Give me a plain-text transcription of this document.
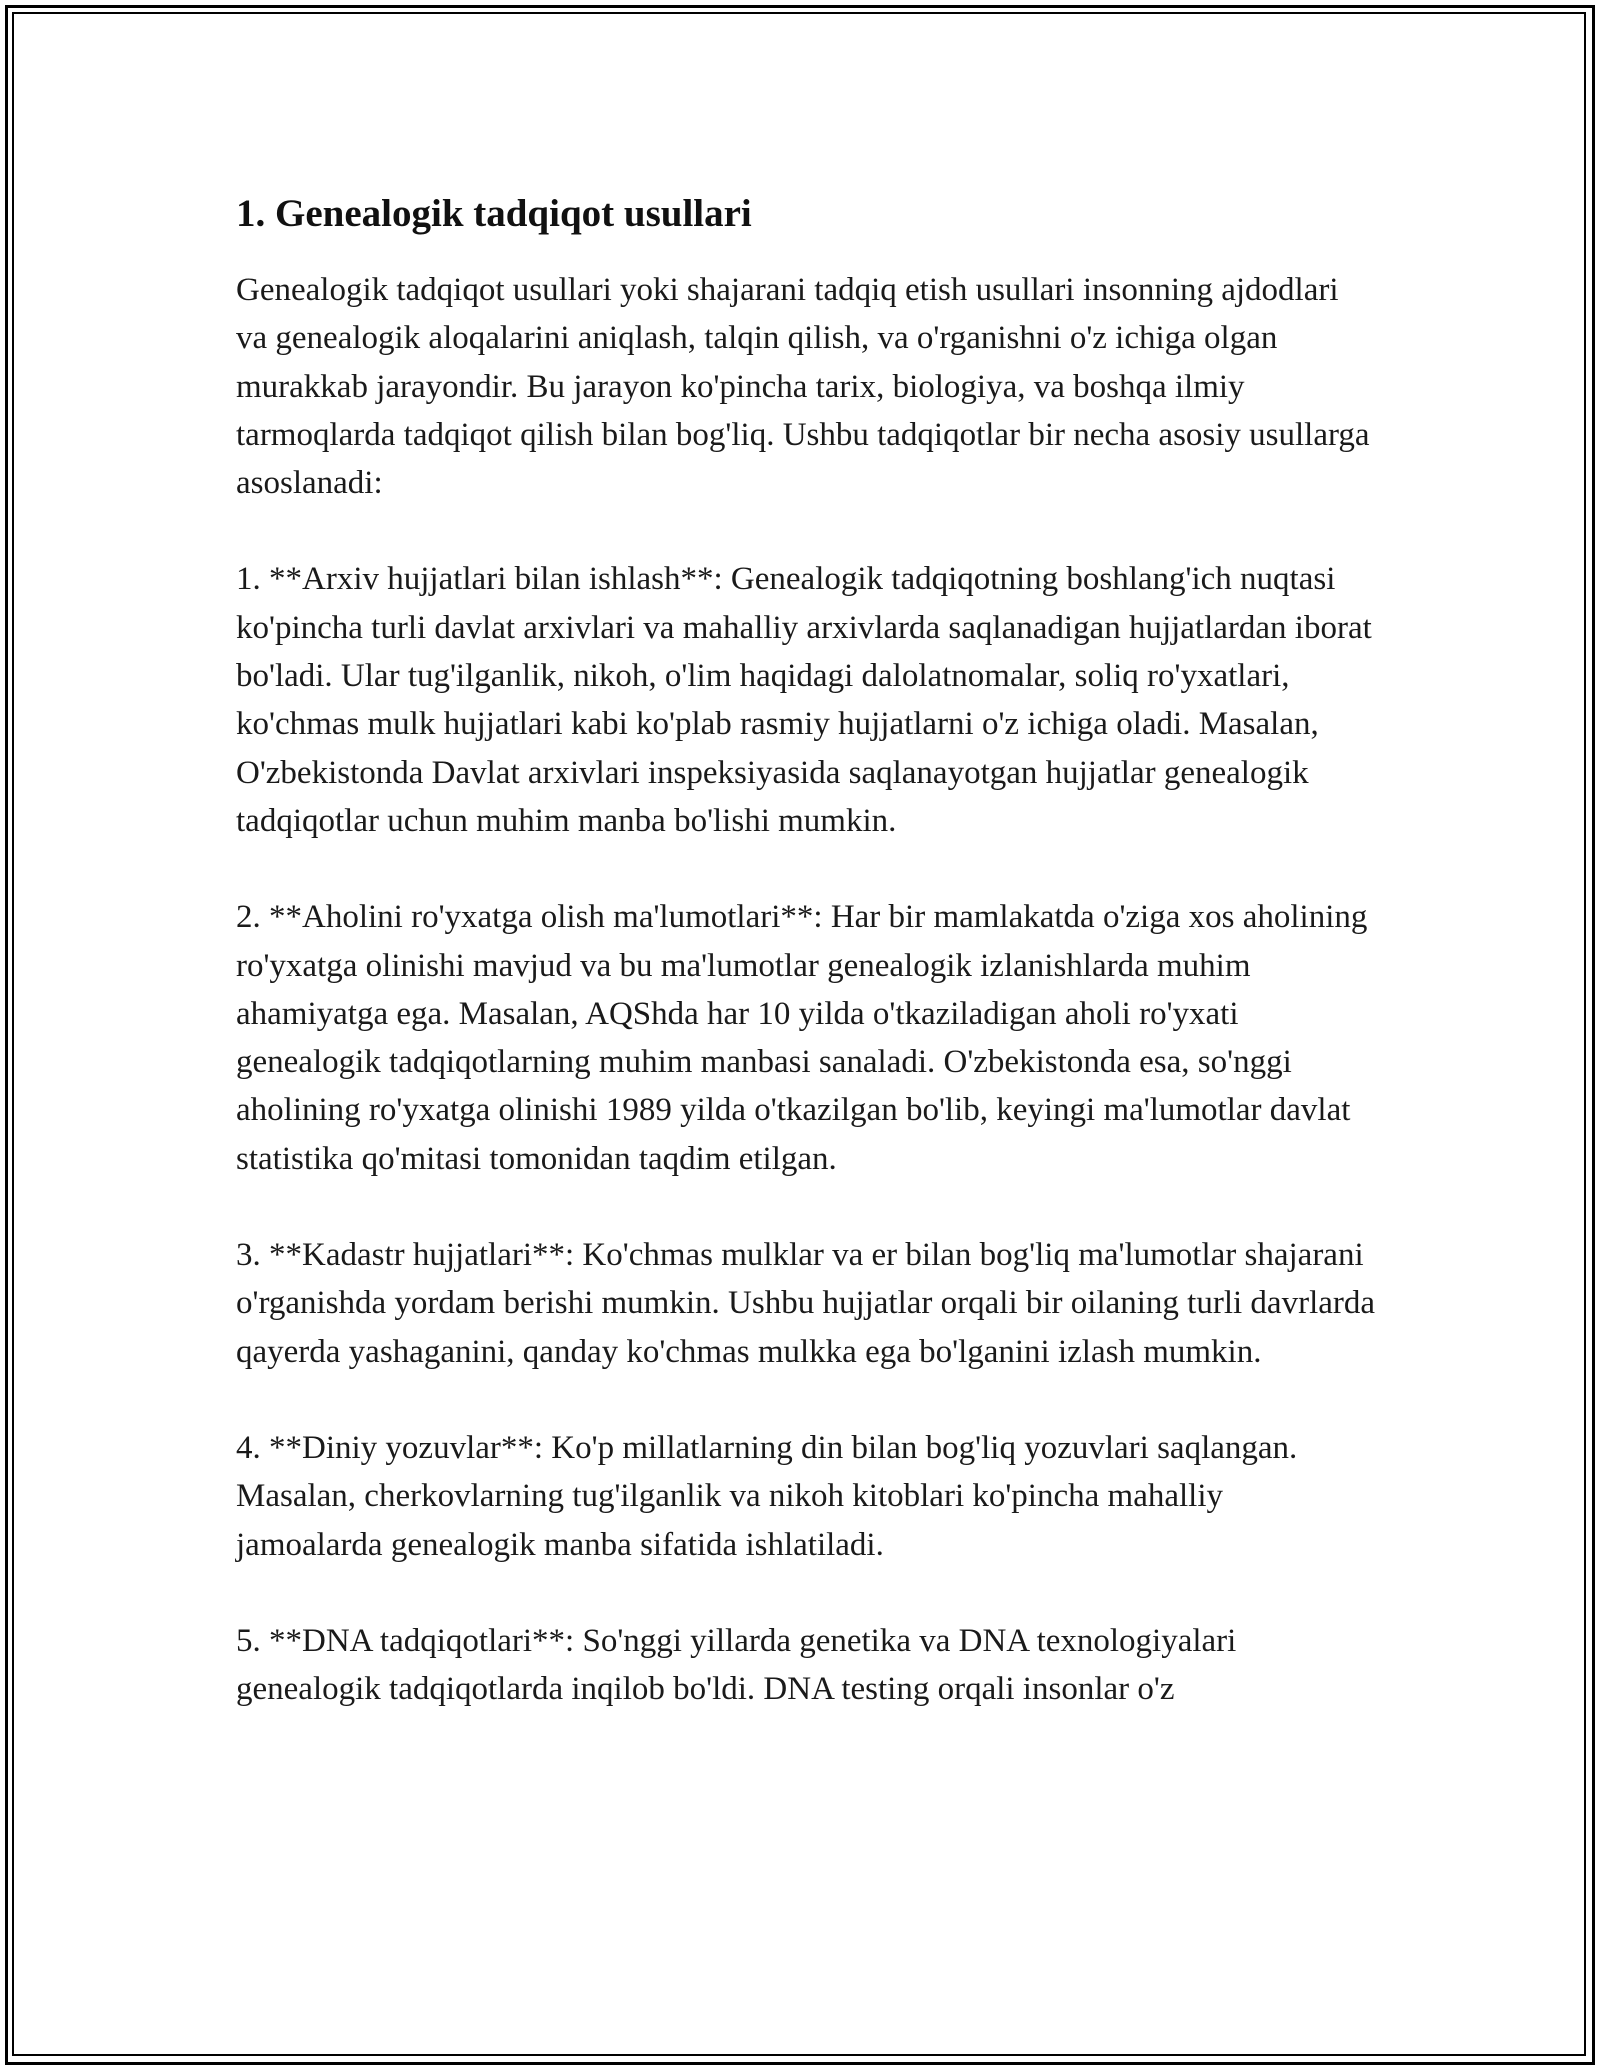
1. Genealogik tadqiqot usullari

Genealogik tadqiqot usullari yoki shajarani tadqiq etish usullari insonning ajdodlari va genealogik aloqalarini aniqlash, talqin qilish, va o'rganishni o'z ichiga olgan murakkab jarayondir. Bu jarayon ko'pincha tarix, biologiya, va boshqa ilmiy tarmoqlarda tadqiqot qilish bilan bog'liq. Ushbu tadqiqotlar bir necha asosiy usullarga asoslanadi:

1. **Arxiv hujjatlari bilan ishlash**: Genealogik tadqiqotning boshlang'ich nuqtasi ko'pincha turli davlat arxivlari va mahalliy arxivlarda saqlanadigan hujjatlardan iborat bo'ladi. Ular tug'ilganlik, nikoh, o'lim haqidagi dalolatnomalar, soliq ro'yxatlari, ko'chmas mulk hujjatlari kabi ko'plab rasmiy hujjatlarni o'z ichiga oladi. Masalan, O'zbekistonda Davlat arxivlari inspeksiyasida saqlanayotgan hujjatlar genealogik tadqiqotlar uchun muhim manba bo'lishi mumkin.

2. **Aholini ro'yxatga olish ma'lumotlari**: Har bir mamlakatda o'ziga xos aholining ro'yxatga olinishi mavjud va bu ma'lumotlar genealogik izlanishlarda muhim ahamiyatga ega. Masalan, AQShda har 10 yilda o'tkaziladigan aholi ro'yxati genealogik tadqiqotlarning muhim manbasi sanaladi. O'zbekistonda esa, so'nggi aholining ro'yxatga olinishi 1989 yilda o'tkazilgan bo'lib, keyingi ma'lumotlar davlat statistika qo'mitasi tomonidan taqdim etilgan.

3. **Kadastr hujjatlari**: Ko'chmas mulklar va er bilan bog'liq ma'lumotlar shajarani o'rganishda yordam berishi mumkin. Ushbu hujjatlar orqali bir oilaning turli davrlarda qayerda yashaganini, qanday ko'chmas mulkka ega bo'lganini izlash mumkin.

4. **Diniy yozuvlar**: Ko'p millatlarning din bilan bog'liq yozuvlari saqlangan. Masalan, cherkovlarning tug'ilganlik va nikoh kitoblari ko'pincha mahalliy jamoalarda genealogik manba sifatida ishlatiladi.

5. **DNA tadqiqotlari**: So'nggi yillarda genetika va DNA texnologiyalari genealogik tadqiqotlarda inqilob bo'ldi. DNA testing orqali insonlar o'z
